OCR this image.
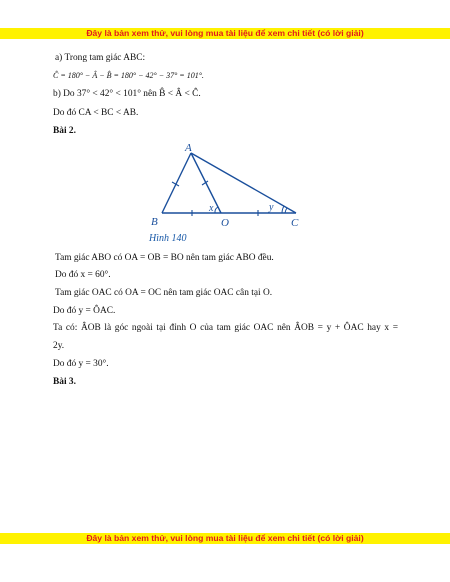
Đây là bản xem thử, vui lòng mua tài liệu để xem chi tiết (có lời giải)
a) Trong tam giác ABC:
Ĉ = 180° − Â − B̂ = 180° − 42° − 37° = 101°.
b) Do 37° < 42° < 101° nên B̂ < Â < Ĉ.
Do đó CA < BC < AB.
Bài 2.
Tam giác ABO có OA = OB = BO nên tam giác ABO đều.
Do đó x = 60°.
Tam giác OAC có OA = OC nên tam giác OAC cân tại O.
Do đó y = ÔAC.
Ta có: ÂOB là góc ngoài tại đỉnh O của tam giác OAC nên ÂOB = y + ÔAC hay x =
2y.
Do đó y = 30°.
Bài 3.
A
B	O	C
x	y
Hình 140
Đây là bản xem thử, vui lòng mua tài liệu để xem chi tiết (có lời giải)
